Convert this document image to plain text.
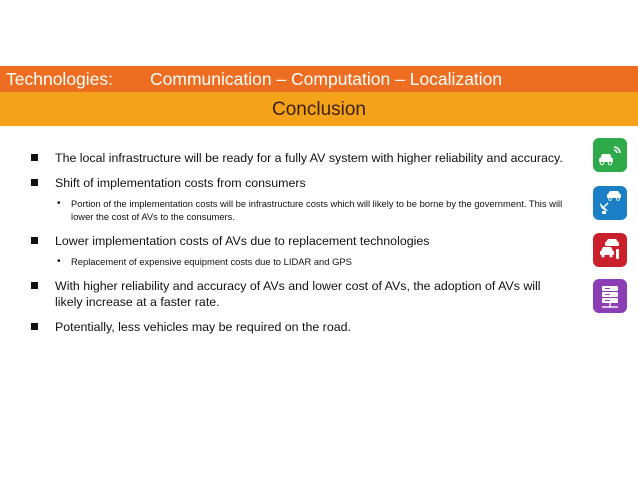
Technologies: Communication – Computation – Localization
Conclusion
The local infrastructure will be ready for a fully AV system with higher reliability and accuracy.
Shift of implementation costs from consumers
• Portion of the implementation costs will be infrastructure costs which will likely to be borne by the government. This will lower the cost of AVs to the consumers.
Lower implementation costs of AVs due to replacement technologies
• Replacement of expensive equipment costs due to LIDAR and GPS
With higher reliability and accuracy of AVs and lower cost of AVs, the adoption of AVs will likely increase at a faster rate.
Potentially, less vehicles may be required on the road.
